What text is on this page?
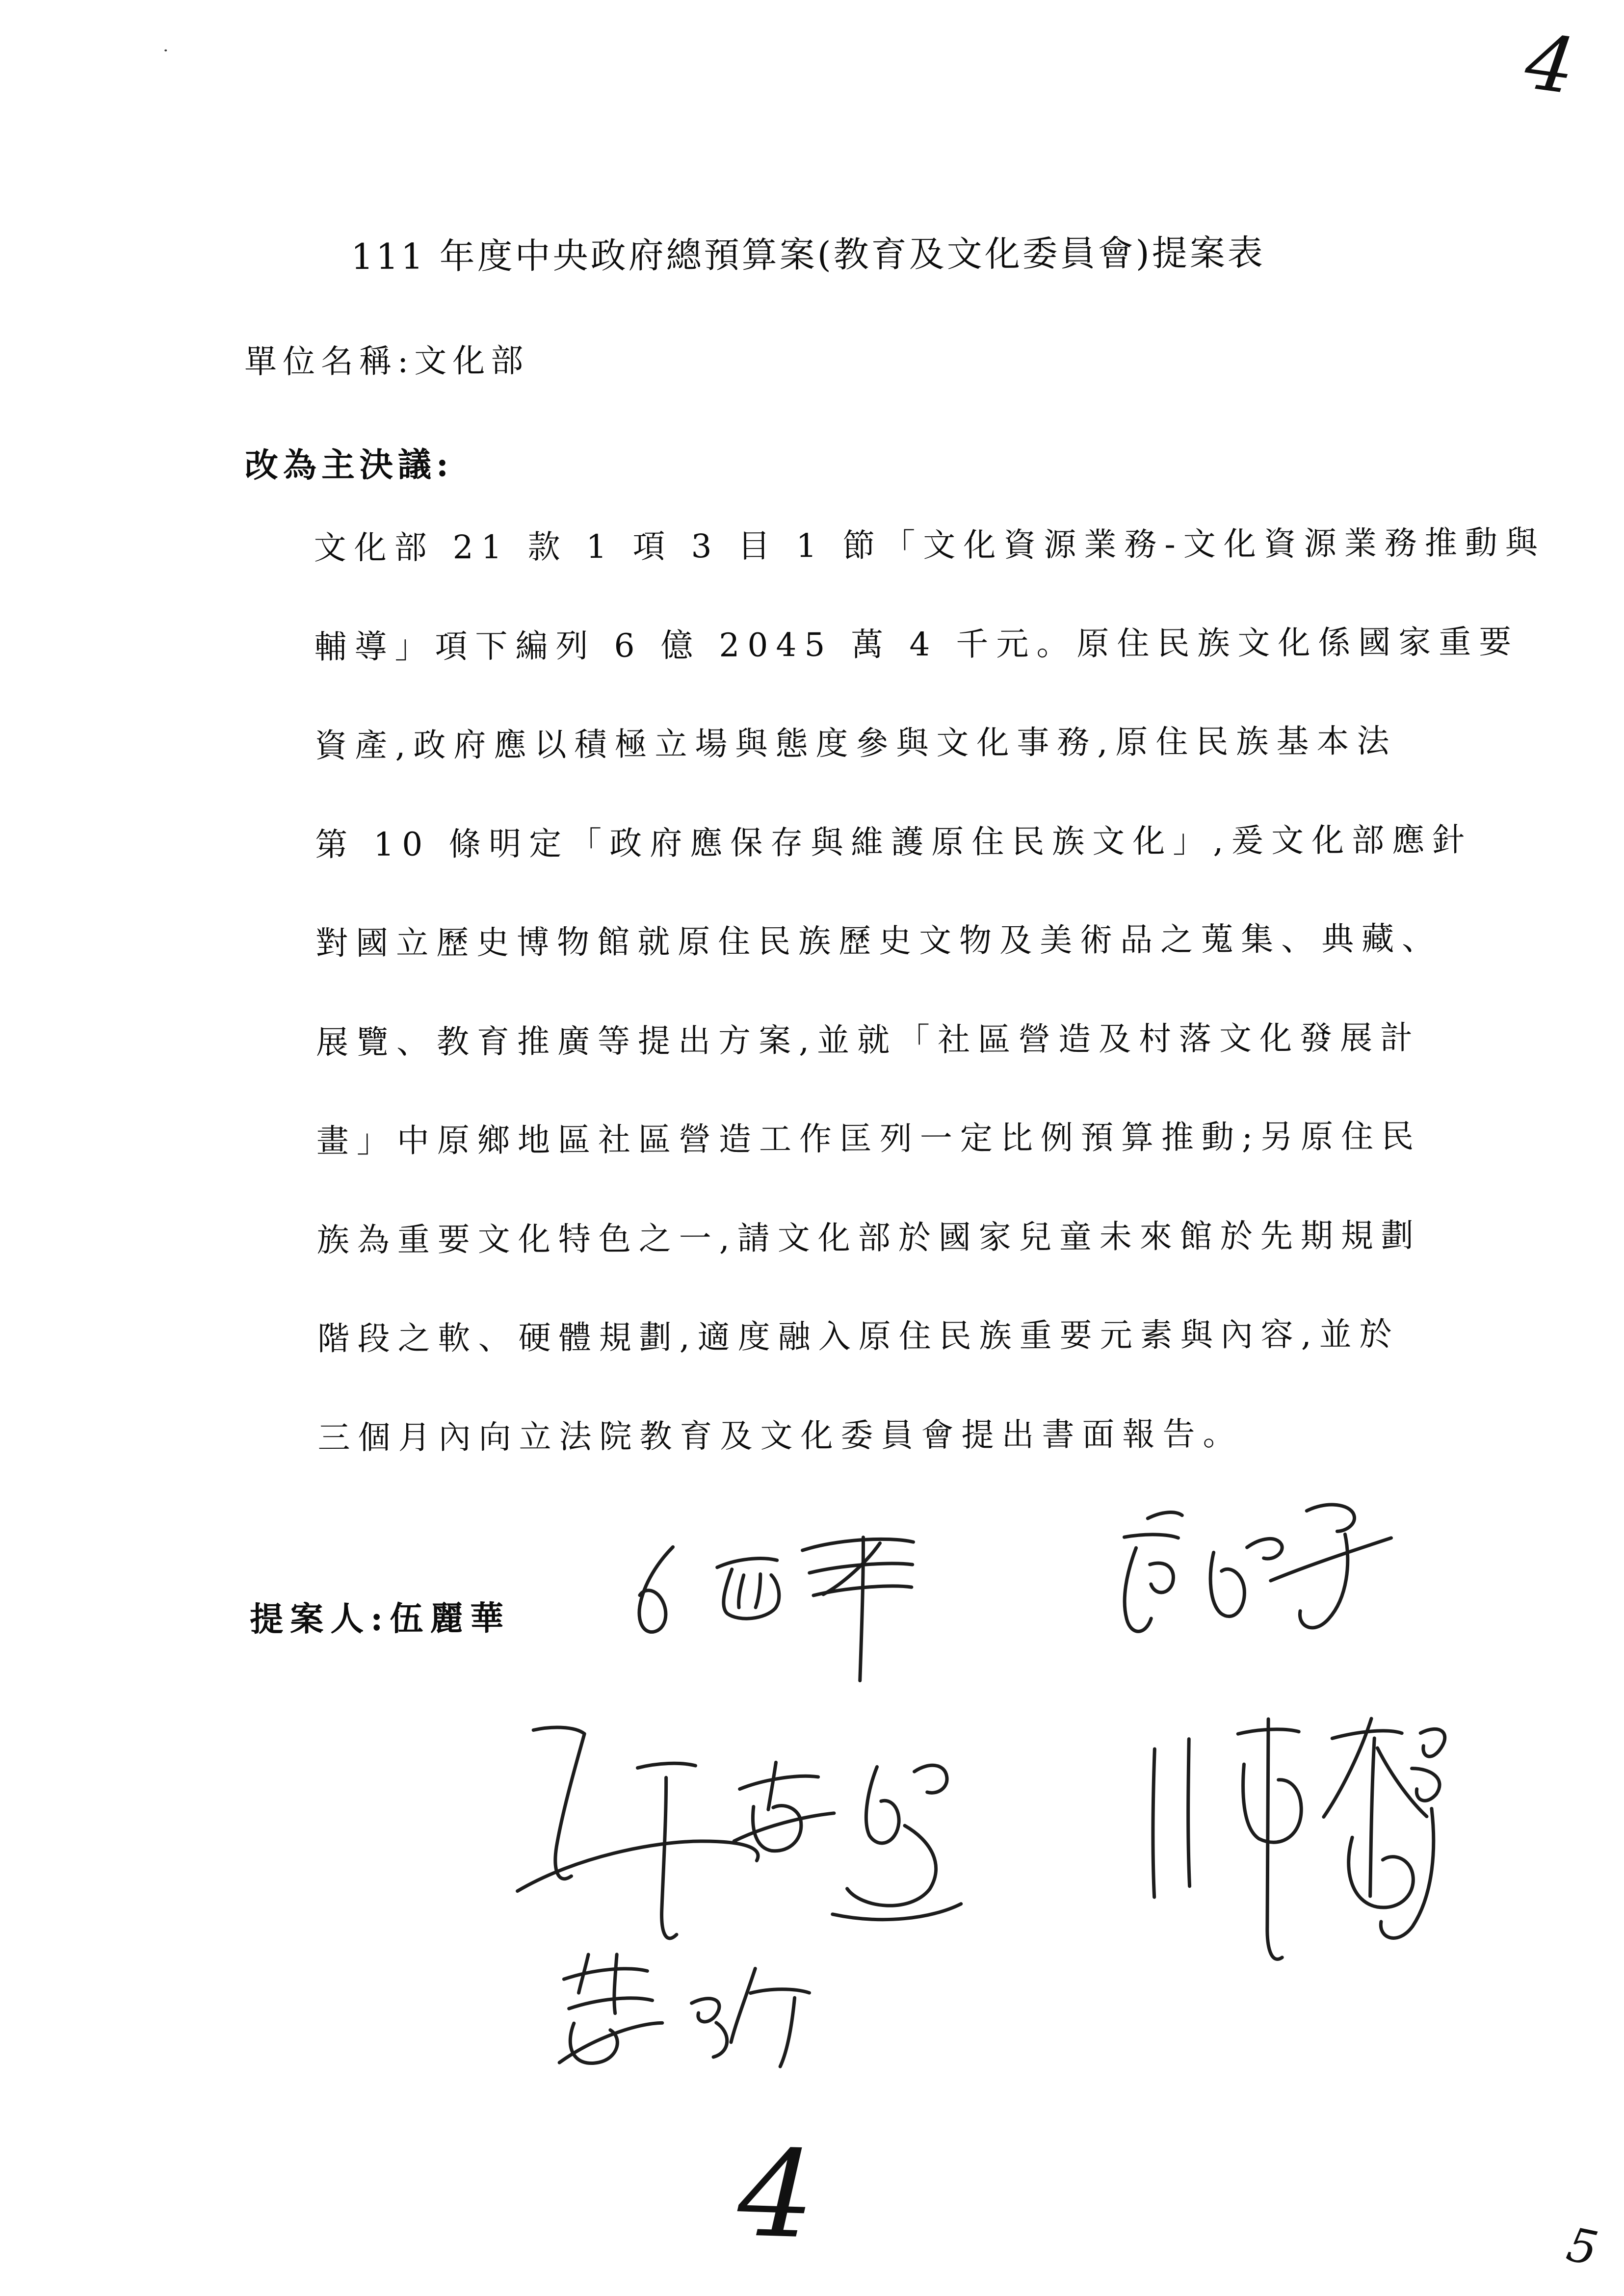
111 年度中央政府總預算案(教育及文化委員會)提案表
單位名稱:文化部
改為主決議:
文化部 21 款 1 項 3 目 1 節「文化資源業務-文化資源業務推動與
輔導」項下編列 6 億 2045 萬 4 千元。原住民族文化係國家重要
資產,政府應以積極立場與態度參與文化事務,原住民族基本法
第 10 條明定「政府應保存與維護原住民族文化」,爰文化部應針
對國立歷史博物館就原住民族歷史文物及美術品之蒐集、典藏、
展覽、教育推廣等提出方案,並就「社區營造及村落文化發展計
畫」中原鄉地區社區營造工作匡列一定比例預算推動;另原住民
族為重要文化特色之一,請文化部於國家兒童未來館於先期規劃
階段之軟、硬體規劃,適度融入原住民族重要元素與內容,並於
三個月內向立法院教育及文化委員會提出書面報告。
提案人:伍麗華
4
4	5
